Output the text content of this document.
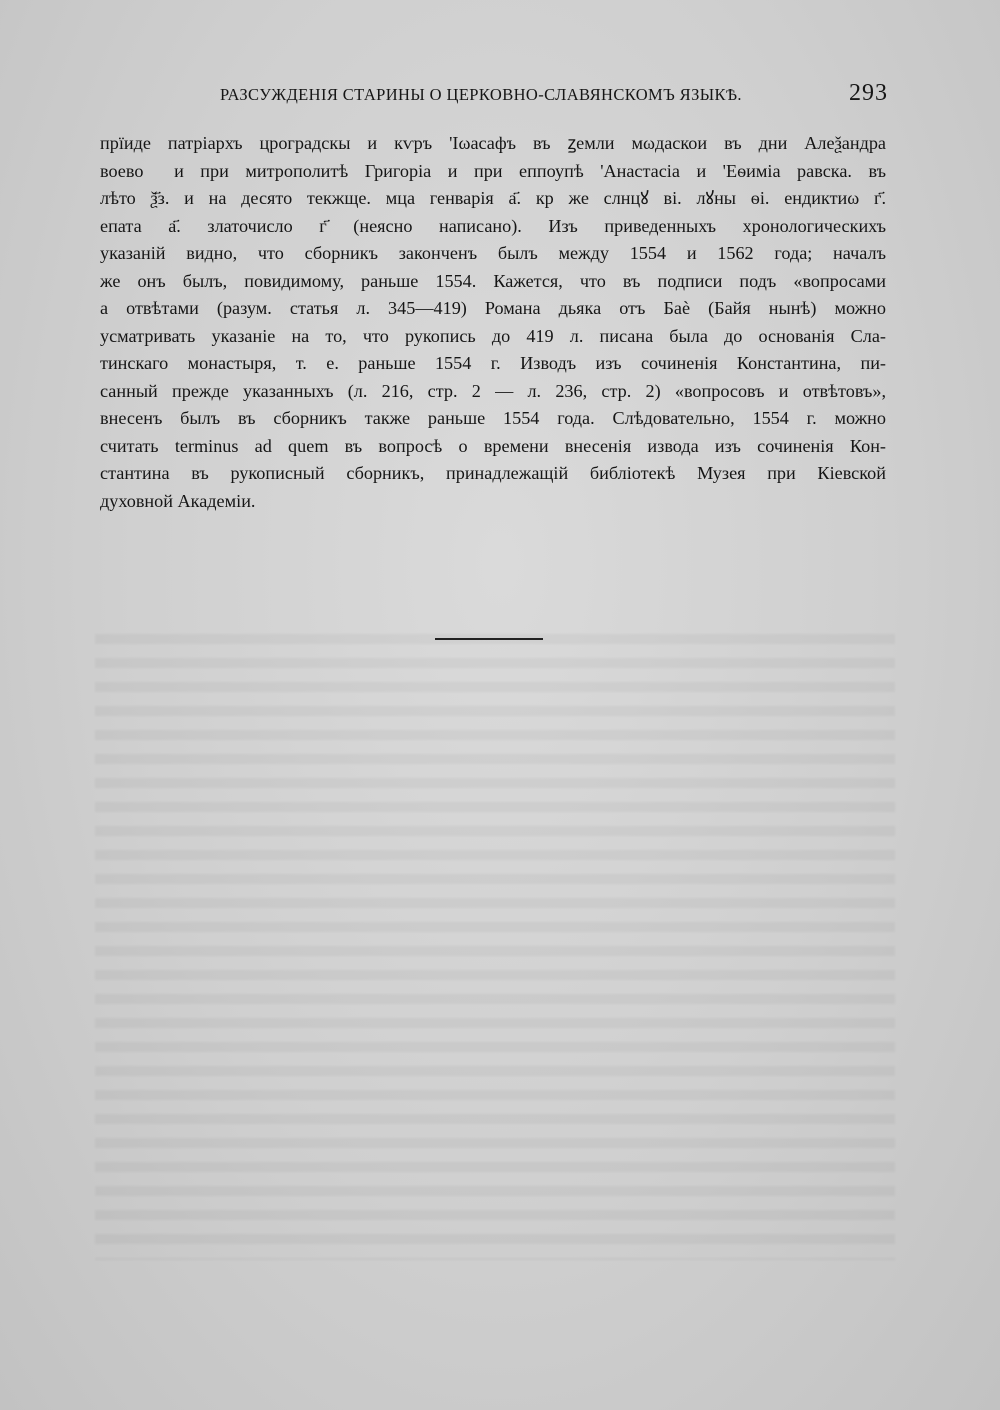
РАЗСУЖДЕНІЯ СТАРИНЫ О ЦЕРКОВНО-СЛАВЯНСКОМЪ ЯЗЫКѢ.	293
прїиде патріархъ цроградскы и кѵръ 'Іωасафъ въ ꙁемли мωдаскои въ дни Алеѯандра
воевоⷣ и при митрополитѣ Григоріа и при еппоупѣ 'Анастасіа и 'Еѳиміа равска. въ
лѣто ѯ҃з. и на десято текжще. мца генварія а҃. кр же слнцꙋ ві. лꙋны ѳі. ендиктиω г҃.
епата а҃. златочисло г҃ (неясно написано). Изъ приведенныхъ хронологическихъ
указаній видно, что сборникъ законченъ былъ между 1554 и 1562 года; началъ
же онъ былъ, повидимому, раньше 1554. Кажется, что въ подписи подъ «вопросами
а отвѣтами (разум. статья л. 345—419) Романа дьяка отъ Баѐ (Байя нынѣ) можно
усматривать указаніе на то, что рукопись до 419 л. писана была до основанія Сла-
тинскаго монастыря, т. е. раньше 1554 г. Изводъ изъ сочиненія Константина, пи-
санный прежде указанныхъ (л. 216, стр. 2 — л. 236, стр. 2) «вопросовъ и отвѣтовъ»,
внесенъ былъ въ сборникъ также раньше 1554 года. Слѣдовательно, 1554 г. можно
считать terminus ad quem въ вопросѣ о времени внесенія извода изъ сочиненія Кон-
стантина въ рукописный сборникъ, принадлежащій библіотекѣ Музея при Кіевской
духовной Академіи.
